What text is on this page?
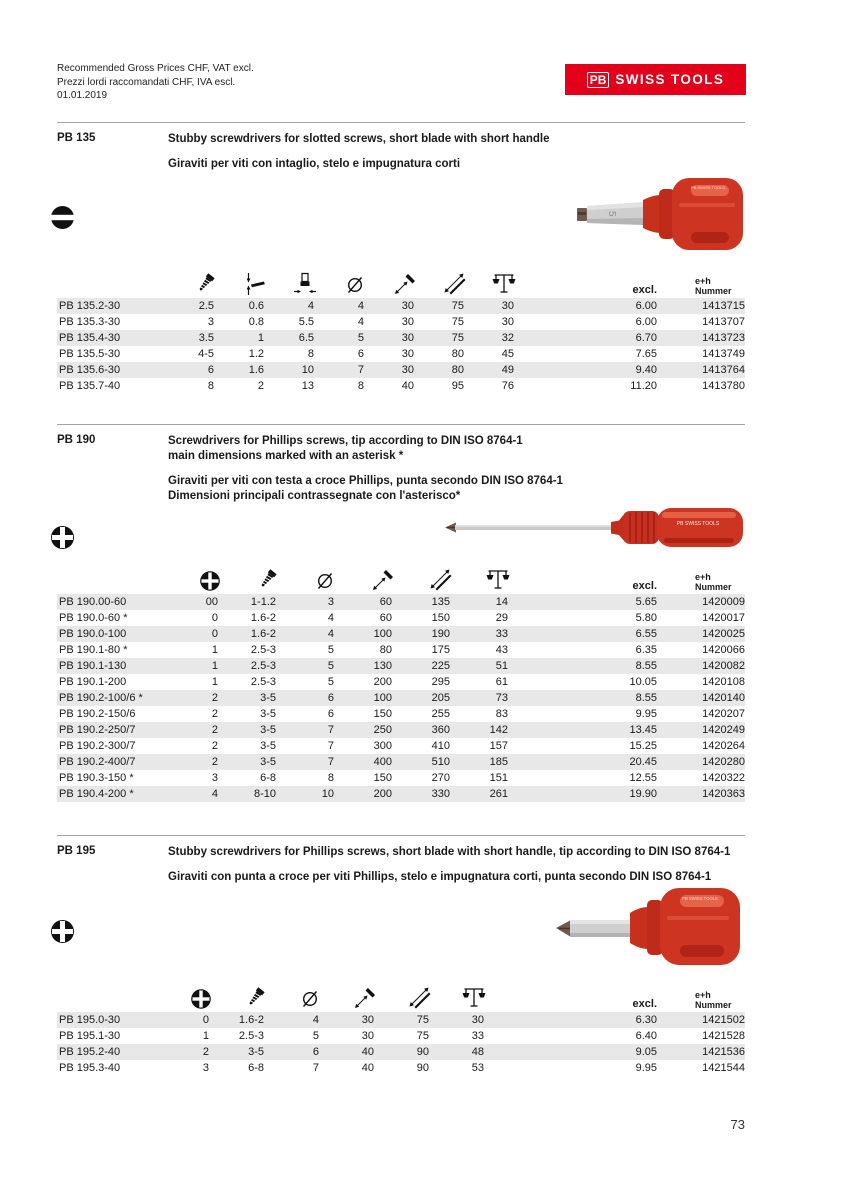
Recommended Gross Prices CHF, VAT excl.
Prezzi lordi raccomandati CHF, IVA escl.
01.01.2019
PB SWISS TOOLS
PB 135	Stubby screwdrivers for slotted screws, short blade with short handle
Giraviti per viti con intaglio, stelo e impugnatura corti
5
PB SWISS TOOLS
excl.
e+h
Nummer
PB 135.2-30	2.5	0.6	4	4	30	75	30	6.00	1413715
PB 135.3-30	3	0.8	5.5	4	30	75	30	6.00	1413707
PB 135.4-30	3.5	1	6.5	5	30	75	32	6.70	1413723
PB 135.5-30	4-5	1.2	8	6	30	80	45	7.65	1413749
PB 135.6-30	6	1.6	10	7	30	80	49	9.40	1413764
PB 135.7-40	8	2	13	8	40	95	76	11.20	1413780
PB 190	Screwdrivers for Phillips screws, tip according to DIN ISO 8764-1
main dimensions marked with an asterisk *
Giraviti per viti con testa a croce Phillips, punta secondo DIN ISO 8764-1
Dimensioni principali contrassegnate con l'asterisco*
PB SWISS TOOLS
excl.
e+h
Nummer
PB 190.00-60	00	1-1.2	3	60	135	14	5.65	1420009
PB 190.0-60 *	0	1.6-2	4	60	150	29	5.80	1420017
PB 190.0-100	0	1.6-2	4	100	190	33	6.55	1420025
PB 190.1-80 *	1	2.5-3	5	80	175	43	6.35	1420066
PB 190.1-130	1	2.5-3	5	130	225	51	8.55	1420082
PB 190.1-200	1	2.5-3	5	200	295	61	10.05	1420108
PB 190.2-100/6 *	2	3-5	6	100	205	73	8.55	1420140
PB 190.2-150/6	2	3-5	6	150	255	83	9.95	1420207
PB 190.2-250/7	2	3-5	7	250	360	142	13.45	1420249
PB 190.2-300/7	2	3-5	7	300	410	157	15.25	1420264
PB 190.2-400/7	2	3-5	7	400	510	185	20.45	1420280
PB 190.3-150 *	3	6-8	8	150	270	151	12.55	1420322
PB 190.4-200 *	4	8-10	10	200	330	261	19.90	1420363
PB 195	Stubby screwdrivers for Phillips screws, short blade with short handle, tip according to DIN ISO 8764-1
Giraviti con punta a croce per viti Phillips, stelo e impugnatura corti, punta secondo DIN ISO 8764-1
PB SWISS TOOLS
excl.
e+h
Nummer
PB 195.0-30	0	1.6-2	4	30	75	30	6.30	1421502
PB 195.1-30	1	2.5-3	5	30	75	33	6.40	1421528
PB 195.2-40	2	3-5	6	40	90	48	9.05	1421536
PB 195.3-40	3	6-8	7	40	90	53	9.95	1421544
73
